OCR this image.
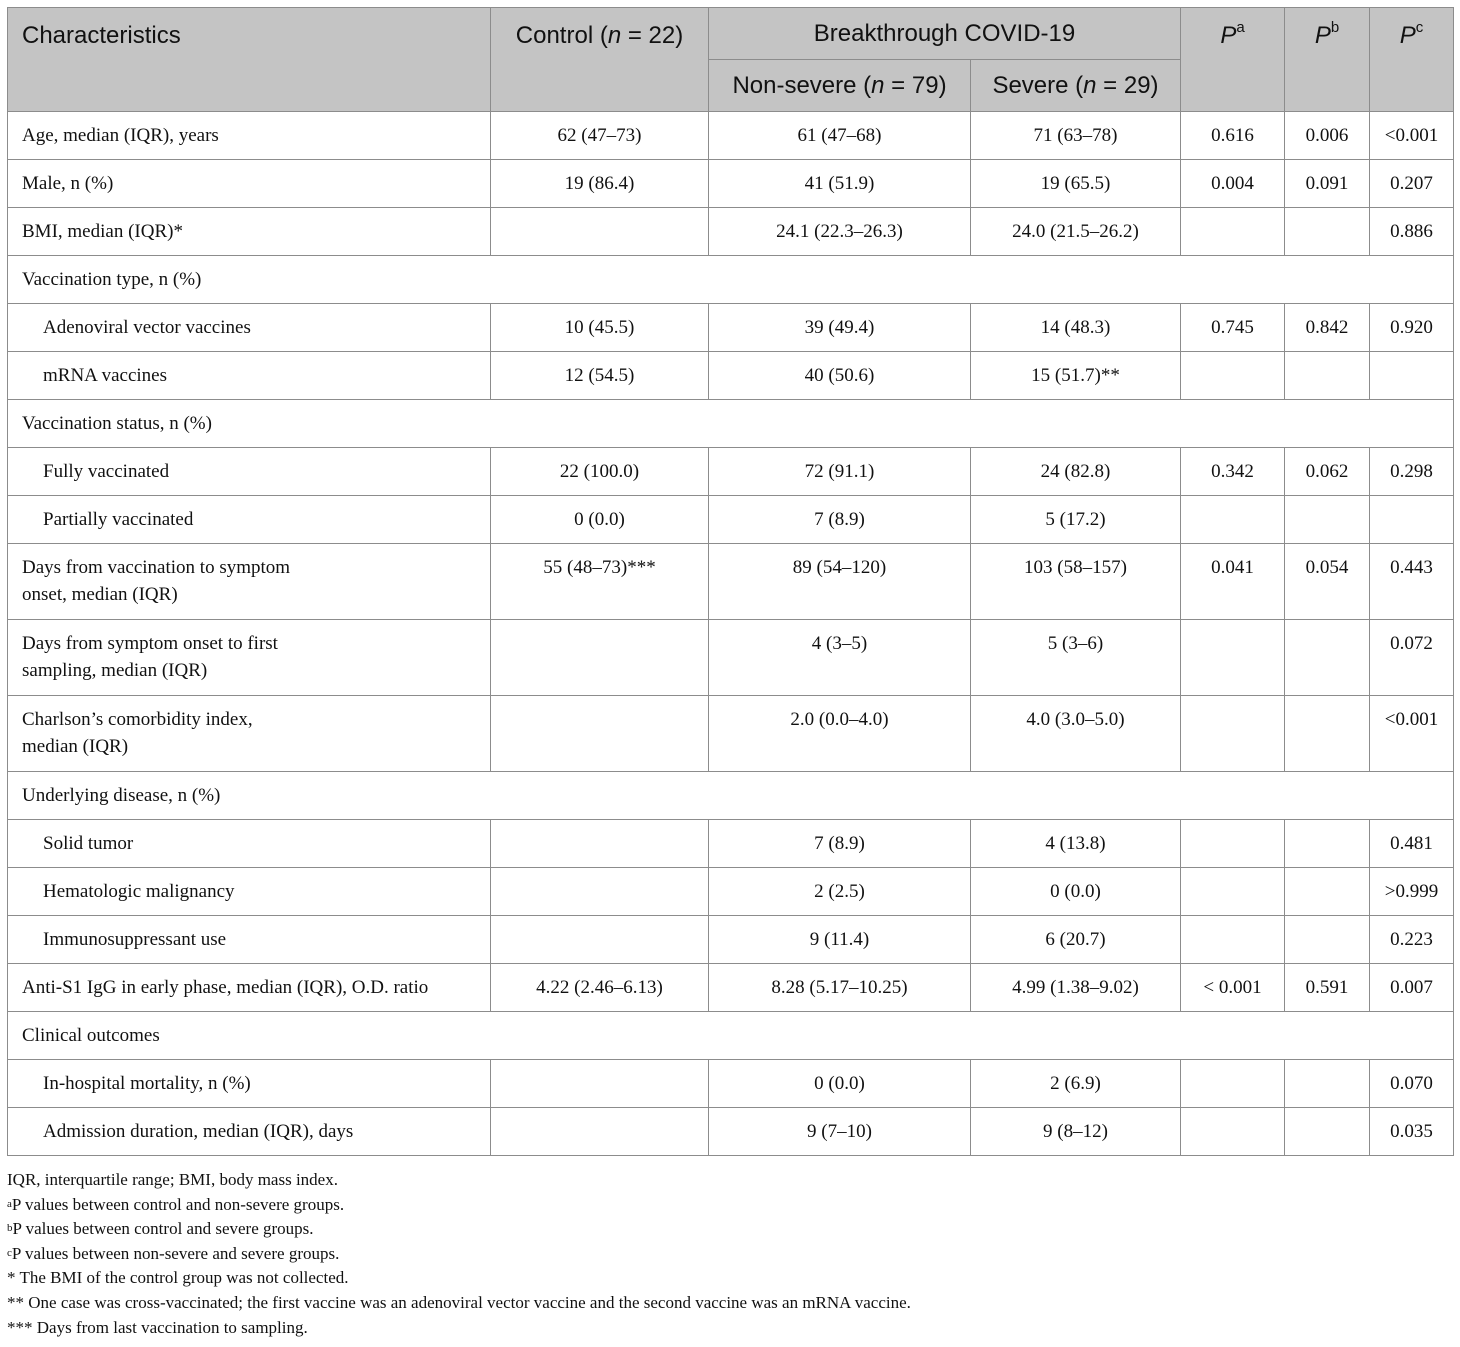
Characteristics	Control (n = 22)	Breakthrough COVID-19		$P^a$	$P^b$	$P^c$
		Non-severe (n = 79)	Severe (n = 29)			
Age, median (IQR), years	62 (47–73)	61 (47–68)	71 (63–78)	0.616	0.006	<0.001
Male, n (%)	19 (86.4)	41 (51.9)	19 (65.5)	0.004	0.091	0.207
BMI, median (IQR)*		24.1 (22.3–26.3)	24.0 (21.5–26.2)			0.886
Vaccination type, n (%)						
Adenoviral vector vaccines	10 (45.5)	39 (49.4)	14 (48.3)	0.745	0.842	0.920
mRNA vaccines	12 (54.5)	40 (50.6)	15 (51.7)**			
Vaccination status, n (%)						
Fully vaccinated	22 (100.0)	72 (91.1)	24 (82.8)	0.342	0.062	0.298
Partially vaccinated	0 (0.0)	7 (8.9)	5 (17.2)			
Days from vaccination to symptom
onset, median (IQR)	55 (48–73)***	89 (54–120)	103 (58–157)	0.041	0.054	0.443
Days from symptom onset to first
sampling, median (IQR)		4 (3–5)	5 (3–6)			0.072
Charlson’s comorbidity index,
median (IQR)		2.0 (0.0–4.0)	4.0 (3.0–5.0)			<0.001
Underlying disease, n (%)						
Solid tumor		7 (8.9)	4 (13.8)			0.481
Hematologic malignancy		2 (2.5)	0 (0.0)			>0.999
Immunosuppressant use		9 (11.4)	6 (20.7)			0.223
Anti-S1 IgG in early phase, median (IQR), O.D. ratio	4.22 (2.46–6.13)	8.28 (5.17–10.25)	4.99 (1.38–9.02)	< 0.001	0.591	0.007
Clinical outcomes						
In-hospital mortality, n (%)		0 (0.0)	2 (6.9)			0.070
Admission duration, median (IQR), days		9 (7–10)	9 (8–12)			0.035
IQR, interquartile range; BMI, body mass index.
$^a$P values between control and non-severe groups.
$^b$P values between control and severe groups.
$^c$P values between non-severe and severe groups.
* The BMI of the control group was not collected.
** One case was cross-vaccinated; the first vaccine was an adenoviral vector vaccine and the second vaccine was an mRNA vaccine.
*** Days from last vaccination to sampling.
